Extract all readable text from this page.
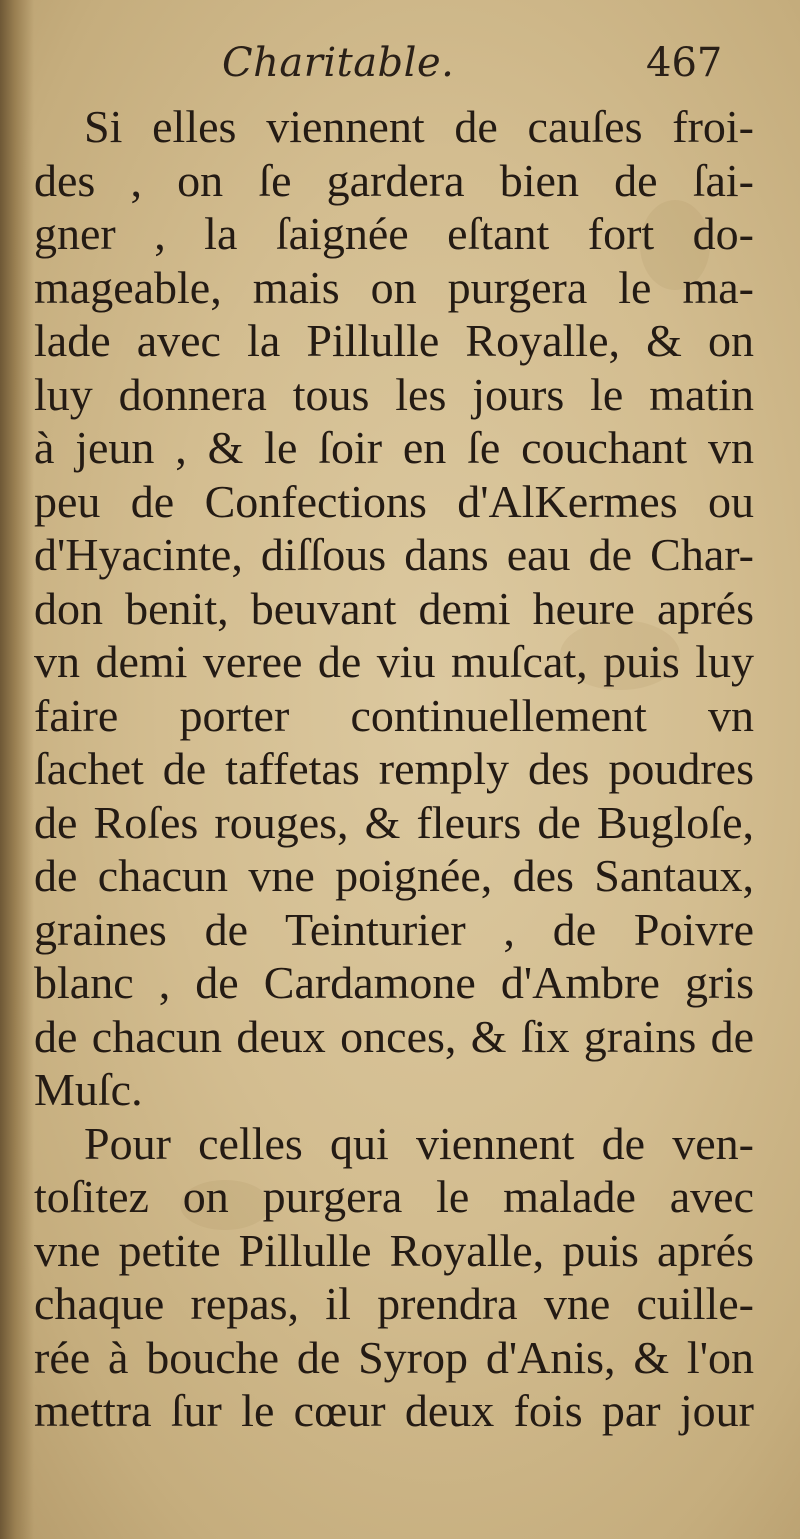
Charitable.	467
Si elles viennent de cauſes froi-
des , on ſe gardera bien de ſai-
gner , la ſaignée eſtant fort do-
mageable, mais on purgera le ma-
lade avec la Pillulle Royalle, & on
luy donnera tous les jours le matin
à jeun , & le ſoir en ſe couchant vn
peu de Confections d'AlKermes ou
d'Hyacinte, diſſous dans eau de Char-
don benit, beuvant demi heure aprés
vn demi veree de viu muſcat, puis luy
faire porter continuellement vn
ſachet de taffetas remply des poudres
de Roſes rouges, & fleurs de Bugloſe,
de chacun vne poignée, des Santaux,
graines de Teinturier , de Poivre
blanc , de Cardamone d'Ambre gris
de chacun deux onces, & ſix grains de
Muſc.
Pour celles qui viennent de ven-
toſitez on purgera le malade avec
vne petite Pillulle Royalle, puis aprés
chaque repas, il prendra vne cuille-
rée à bouche de Syrop d'Anis, & l'on
mettra ſur le cœur deux fois par jour
